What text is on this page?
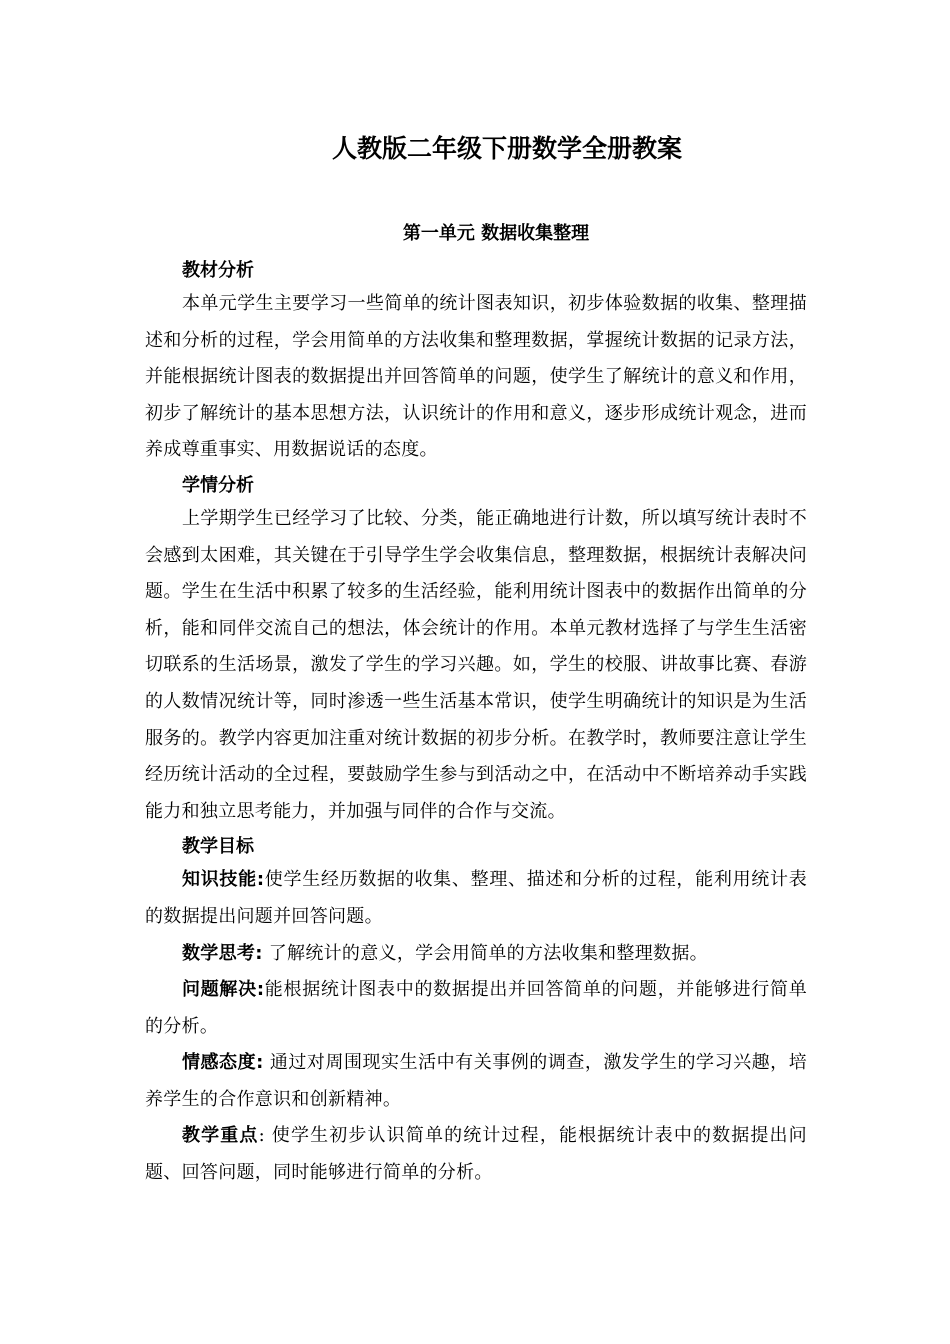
人教版二年级下册数学全册教案
第一单元 数据收集整理
教材分析

本单元学生主要学习一些简单的统计图表知识，初步体验数据的收集、整理描述和分析的过程，学会用简单的方法收集和整理数据，掌握统计数据的记录方法，并能根据统计图表的数据提出并回答简单的问题，使学生了解统计的意义和作用，初步了解统计的基本思想方法，认识统计的作用和意义，逐步形成统计观念，进而养成尊重事实、用数据说话的态度。

学情分析

上学期学生已经学习了比较、分类，能正确地进行计数，所以填写统计表时不会感到太困难，其关键在于引导学生学会收集信息，整理数据，根据统计表解决问题。学生在生活中积累了较多的生活经验，能利用统计图表中的数据作出简单的分析，能和同伴交流自己的想法，体会统计的作用。本单元教材选择了与学生生活密切联系的生活场景，激发了学生的学习兴趣。如，学生的校服、讲故事比赛、春游的人数情况统计等，同时渗透一些生活基本常识，使学生明确统计的知识是为生活服务的。教学内容更加注重对统计数据的初步分析。在教学时，教师要注意让学生经历统计活动的全过程，要鼓励学生参与到活动之中，在活动中不断培养动手实践能力和独立思考能力，并加强与同伴的合作与交流。

教学目标

知识技能:使学生经历数据的收集、整理、描述和分析的过程，能利用统计表的数据提出问题并回答问题。

数学思考: 了解统计的意义，学会用简单的方法收集和整理数据。

问题解决:能根据统计图表中的数据提出并回答简单的问题，并能够进行简单的分析。

情感态度: 通过对周围现实生活中有关事例的调查，激发学生的学习兴趣，培养学生的合作意识和创新精神。

教学重点: 使学生初步认识简单的统计过程，能根据统计表中的数据提出问题、回答问题，同时能够进行简单的分析。
